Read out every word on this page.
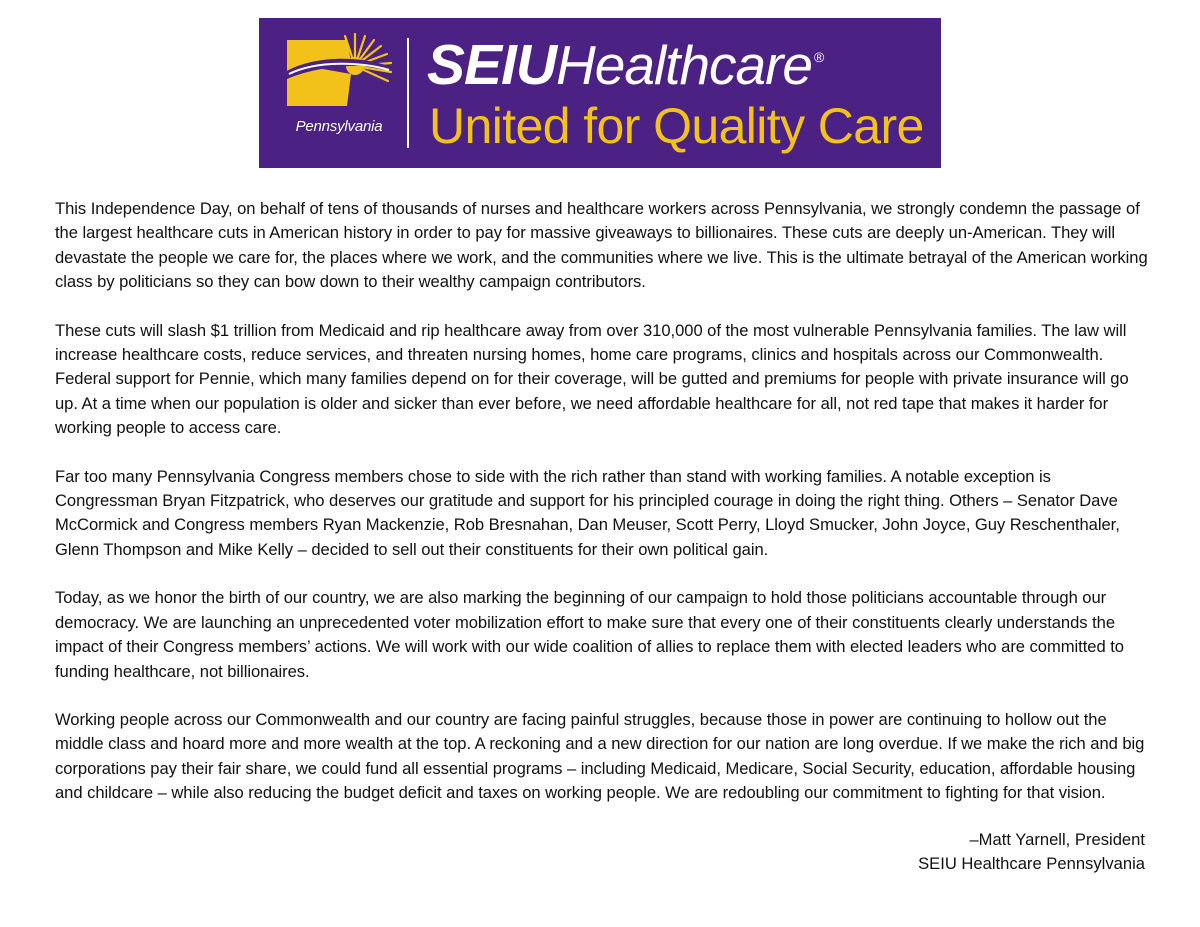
Pennsylvania
SEIUHealthcare ®
United for Quality Care

This Independence Day, on behalf of tens of thousands of nurses and healthcare workers across Pennsylvania, we strongly condemn the passage of the largest healthcare cuts in American history in order to pay for massive giveaways to billionaires. These cuts are deeply un-American. They will devastate the people we care for, the places where we work, and the communities where we live. This is the ultimate betrayal of the American working class by politicians so they can bow down to their wealthy campaign contributors.

These cuts will slash $1 trillion from Medicaid and rip healthcare away from over 310,000 of the most vulnerable Pennsylvania families. The law will increase healthcare costs, reduce services, and threaten nursing homes, home care programs, clinics and hospitals across our Commonwealth. Federal support for Pennie, which many families depend on for their coverage, will be gutted and premiums for people with private insurance will go up. At a time when our population is older and sicker than ever before, we need affordable healthcare for all, not red tape that makes it harder for working people to access care.

Far too many Pennsylvania Congress members chose to side with the rich rather than stand with working families. A notable exception is Congressman Bryan Fitzpatrick, who deserves our gratitude and support for his principled courage in doing the right thing. Others – Senator Dave McCormick and Congress members Ryan Mackenzie, Rob Bresnahan, Dan Meuser, Scott Perry, Lloyd Smucker, John Joyce, Guy Reschenthaler, Glenn Thompson and Mike Kelly – decided to sell out their constituents for their own political gain.

Today, as we honor the birth of our country, we are also marking the beginning of our campaign to hold those politicians accountable through our democracy. We are launching an unprecedented voter mobilization effort to make sure that every one of their constituents clearly understands the impact of their Congress members’ actions. We will work with our wide coalition of allies to replace them with elected leaders who are committed to funding healthcare, not billionaires.

Working people across our Commonwealth and our country are facing painful struggles, because those in power are continuing to hollow out the middle class and hoard more and more wealth at the top. A reckoning and a new direction for our nation are long overdue. If we make the rich and big corporations pay their fair share, we could fund all essential programs – including Medicaid, Medicare, Social Security, education, affordable housing and childcare – while also reducing the budget deficit and taxes on working people. We are redoubling our commitment to fighting for that vision.

–Matt Yarnell, President
SEIU Healthcare Pennsylvania
